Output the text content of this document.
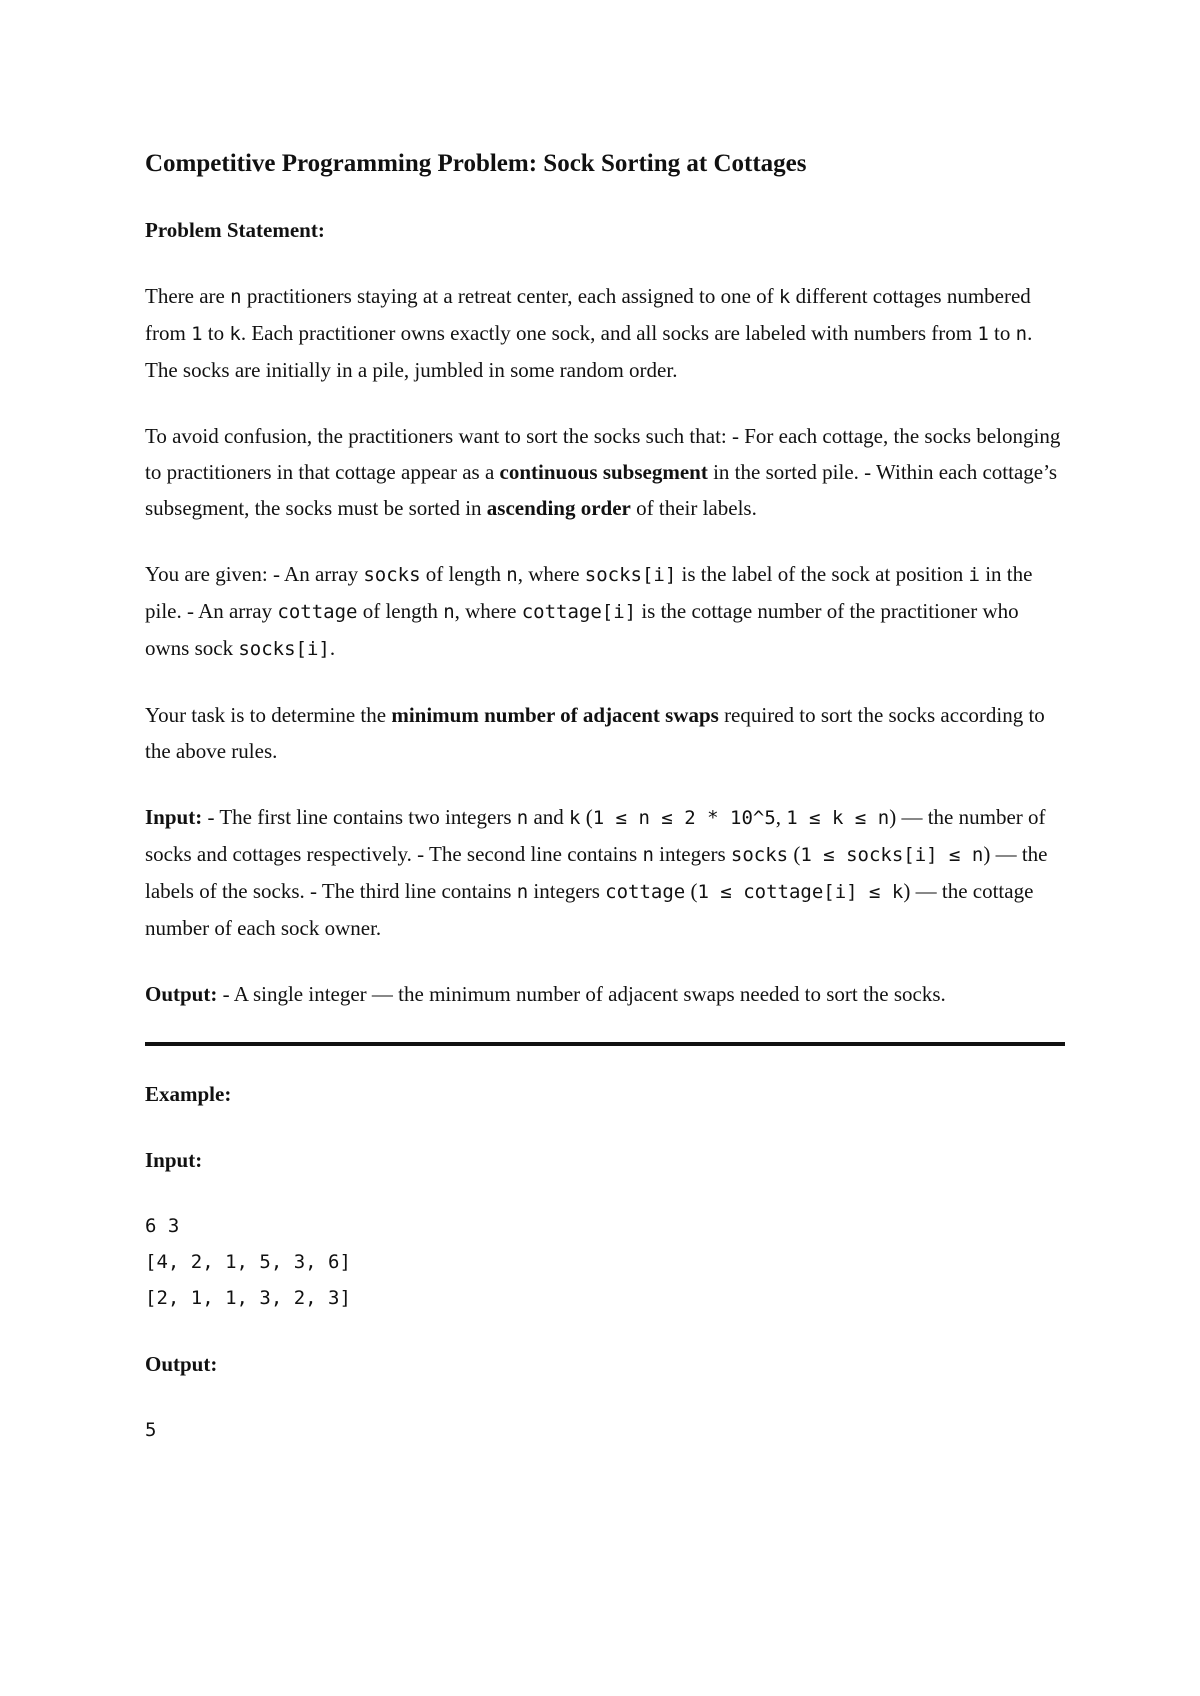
Competitive Programming Problem: Sock Sorting at Cottages

Problem Statement:

There are n practitioners staying at a retreat center, each assigned to one of k different cottages numbered from 1 to k. Each practitioner owns exactly one sock, and all socks are labeled with numbers from 1 to n. The socks are initially in a pile, jumbled in some random order.

To avoid confusion, the practitioners want to sort the socks such that: - For each cottage, the socks belonging to practitioners in that cottage appear as a continuous subsegment in the sorted pile. - Within each cottage’s subsegment, the socks must be sorted in ascending order of their labels.

You are given: - An array socks of length n, where socks[i] is the label of the sock at position i in the pile. - An array cottage of length n, where cottage[i] is the cottage number of the practitioner who owns sock socks[i].

Your task is to determine the minimum number of adjacent swaps required to sort the socks according to the above rules.

Input: - The first line contains two integers n and k (1 ≤ n ≤ 2 * 10^5, 1 ≤ k ≤ n) — the number of socks and cottages respectively. - The second line contains n integers socks (1 ≤ socks[i] ≤ n) — the labels of the socks. - The third line contains n integers cottage (1 ≤ cottage[i] ≤ k) — the cottage number of each sock owner.

Output: - A single integer — the minimum number of adjacent swaps needed to sort the socks.

Example:

Input:

6 3
[4, 2, 1, 5, 3, 6]
[2, 1, 1, 3, 2, 3]

Output:

5
